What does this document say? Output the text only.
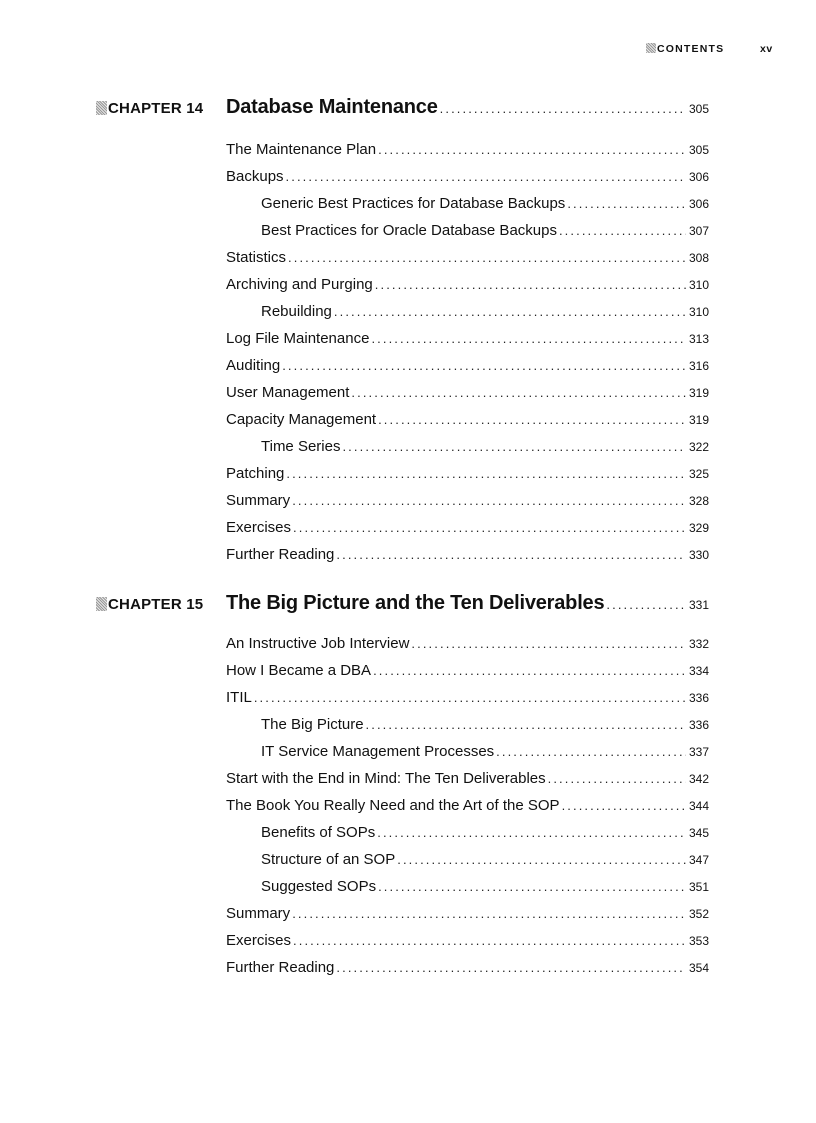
CONTENTS	xv
CHAPTER 14 Database Maintenance .....	305
The Maintenance Plan .....	305
Backups .....	306
Generic Best Practices for Database Backups .....	306
Best Practices for Oracle Database Backups .....	307
Statistics .....	308
Archiving and Purging .....	310
Rebuilding .....	310
Log File Maintenance .....	313
Auditing .....	316
User Management .....	319
Capacity Management .....	319
Time Series .....	322
Patching .....	325
Summary .....	328
Exercises .....	329
Further Reading .....	330
CHAPTER 15 The Big Picture and the Ten Deliverables .....	331
An Instructive Job Interview .....	332
How I Became a DBA .....	334
ITIL .....	336
The Big Picture .....	336
IT Service Management Processes .....	337
Start with the End in Mind: The Ten Deliverables .....	342
The Book You Really Need and the Art of the SOP .....	344
Benefits of SOPs .....	345
Structure of an SOP .....	347
Suggested SOPs .....	351
Summary .....	352
Exercises .....	353
Further Reading .....	354
